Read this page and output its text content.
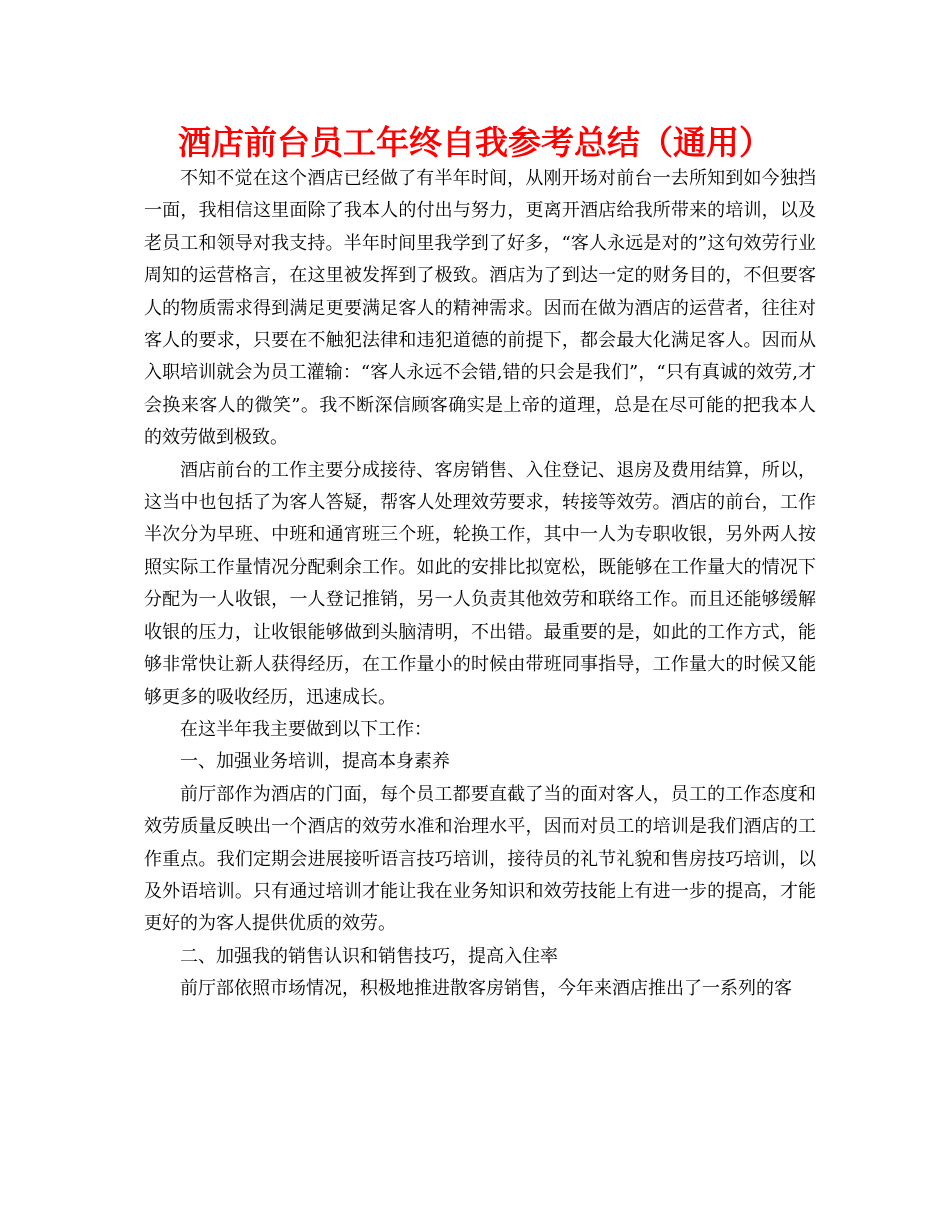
酒店前台员工年终自我参考总结（通用）

不知不觉在这个酒店已经做了有半年时间，从刚开场对前台一去所知到如今独挡一面，我相信这里面除了我本人的付出与努力，更离开酒店给我所带来的培训，以及老员工和领导对我支持。半年时间里我学到了好多，“客人永远是对的”这句效劳行业周知的运营格言，在这里被发挥到了极致。酒店为了到达一定的财务目的，不但要客人的物质需求得到满足更要满足客人的精神需求。因而在做为酒店的运营者，往往对客人的要求，只要在不触犯法律和违犯道德的前提下，都会最大化满足客人。因而从入职培训就会为员工灌输：“客人永远不会错,错的只会是我们”，“只有真诚的效劳,才会换来客人的微笑”。我不断深信顾客确实是上帝的道理，总是在尽可能的把我本人的效劳做到极致。

酒店前台的工作主要分成接待、客房销售、入住登记、退房及费用结算，所以，这当中也包括了为客人答疑，帮客人处理效劳要求，转接等效劳。酒店的前台，工作半次分为早班、中班和通宵班三个班，轮换工作，其中一人为专职收银，另外两人按照实际工作量情况分配剩余工作。如此的安排比拟宽松，既能够在工作量大的情况下分配为一人收银，一人登记推销，另一人负责其他效劳和联络工作。而且还能够缓解收银的压力，让收银能够做到头脑清明，不出错。最重要的是，如此的工作方式，能够非常快让新人获得经历，在工作量小的时候由带班同事指导，工作量大的时候又能够更多的吸收经历，迅速成长。

在这半年我主要做到以下工作：

一、加强业务培训，提高本身素养

前厅部作为酒店的门面，每个员工都要直截了当的面对客人，员工的工作态度和效劳质量反映出一个酒店的效劳水准和治理水平，因而对员工的培训是我们酒店的工作重点。我们定期会进展接听语言技巧培训，接待员的礼节礼貌和售房技巧培训，以及外语培训。只有通过培训才能让我在业务知识和效劳技能上有进一步的提高，才能更好的为客人提供优质的效劳。

二、加强我的销售认识和销售技巧，提高入住率

前厅部依照市场情况，积极地推进散客房销售，今年来酒店推出了一系列的客
